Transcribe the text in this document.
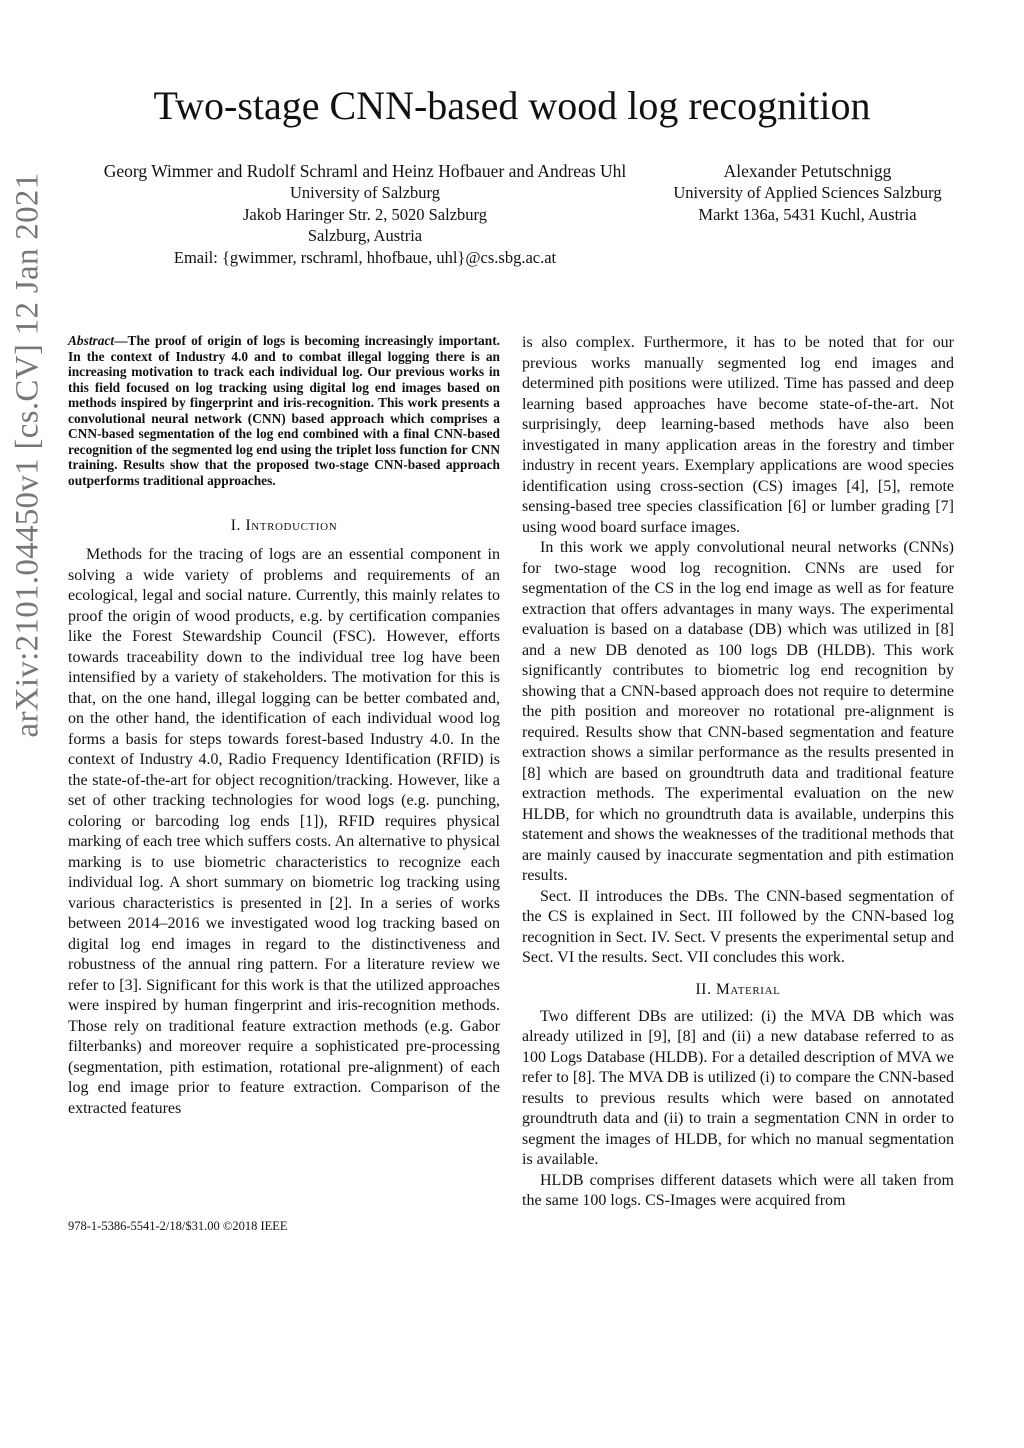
arXiv:2101.04450v1 [cs.CV] 12 Jan 2021
Two-stage CNN-based wood log recognition
Georg Wimmer and Rudolf Schraml and Heinz Hofbauer and Andreas Uhl
University of Salzburg
Jakob Haringer Str. 2, 5020 Salzburg
Salzburg, Austria
Email: {gwimmer, rschraml, hhofbaue, uhl}@cs.sbg.ac.at
Alexander Petutschnigg
University of Applied Sciences Salzburg
Markt 136a, 5431 Kuchl, Austria

Abstract—The proof of origin of logs is becoming increasingly important. In the context of Industry 4.0 and to combat illegal logging there is an increasing motivation to track each individual log. Our previous works in this field focused on log tracking using digital log end images based on methods inspired by fingerprint and iris-recognition. This work presents a convolutional neural network (CNN) based approach which comprises a CNN-based segmentation of the log end combined with a final CNN-based recognition of the segmented log end using the triplet loss function for CNN training. Results show that the proposed two-stage CNN-based approach outperforms traditional approaches.

I. Introduction

Methods for the tracing of logs are an essential component in solving a wide variety of problems and requirements of an ecological, legal and social nature. Currently, this mainly relates to proof the origin of wood products, e.g. by certification companies like the Forest Stewardship Council (FSC). However, efforts towards traceability down to the individual tree log have been intensified by a variety of stakeholders. The motivation for this is that, on the one hand, illegal logging can be better combated and, on the other hand, the identification of each individual wood log forms a basis for steps towards forest-based Industry 4.0. In the context of Industry 4.0, Radio Frequency Identification (RFID) is the state-of-the-art for object recognition/tracking. However, like a set of other tracking technologies for wood logs (e.g. punching, coloring or barcoding log ends [1]), RFID requires physical marking of each tree which suffers costs. An alternative to physical marking is to use biometric characteristics to recognize each individual log. A short summary on biometric log tracking using various characteristics is presented in [2]. In a series of works between 2014–2016 we investigated wood log tracking based on digital log end images in regard to the distinctiveness and robustness of the annual ring pattern. For a literature review we refer to [3]. Significant for this work is that the utilized approaches were inspired by human fingerprint and iris-recognition methods. Those rely on traditional feature extraction methods (e.g. Gabor filterbanks) and moreover require a sophisticated pre-processing (segmentation, pith estimation, rotational pre-alignment) of each log end image prior to feature extraction. Comparison of the extracted features

is also complex. Furthermore, it has to be noted that for our previous works manually segmented log end images and determined pith positions were utilized. Time has passed and deep learning based approaches have become state-of-the-art. Not surprisingly, deep learning-based methods have also been investigated in many application areas in the forestry and timber industry in recent years. Exemplary applications are wood species identification using cross-section (CS) images [4], [5], remote sensing-based tree species classification [6] or lumber grading [7] using wood board surface images.

In this work we apply convolutional neural networks (CNNs) for two-stage wood log recognition. CNNs are used for segmentation of the CS in the log end image as well as for feature extraction that offers advantages in many ways. The experimental evaluation is based on a database (DB) which was utilized in [8] and a new DB denoted as 100 logs DB (HLDB). This work significantly contributes to biometric log end recognition by showing that a CNN-based approach does not require to determine the pith position and moreover no rotational pre-alignment is required. Results show that CNN-based segmentation and feature extraction shows a similar performance as the results presented in [8] which are based on groundtruth data and traditional feature extraction methods. The experimental evaluation on the new HLDB, for which no groundtruth data is available, underpins this statement and shows the weaknesses of the traditional methods that are mainly caused by inaccurate segmentation and pith estimation results.

Sect. II introduces the DBs. The CNN-based segmentation of the CS is explained in Sect. III followed by the CNN-based log recognition in Sect. IV. Sect. V presents the experimental setup and Sect. VI the results. Sect. VII concludes this work.

II. Material

Two different DBs are utilized: (i) the MVA DB which was already utilized in [9], [8] and (ii) a new database referred to as 100 Logs Database (HLDB). For a detailed description of MVA we refer to [8]. The MVA DB is utilized (i) to compare the CNN-based results to previous results which were based on annotated groundtruth data and (ii) to train a segmentation CNN in order to segment the images of HLDB, for which no manual segmentation is available.

HLDB comprises different datasets which were all taken from the same 100 logs. CS-Images were acquired from

978-1-5386-5541-2/18/$31.00 ©2018 IEEE
